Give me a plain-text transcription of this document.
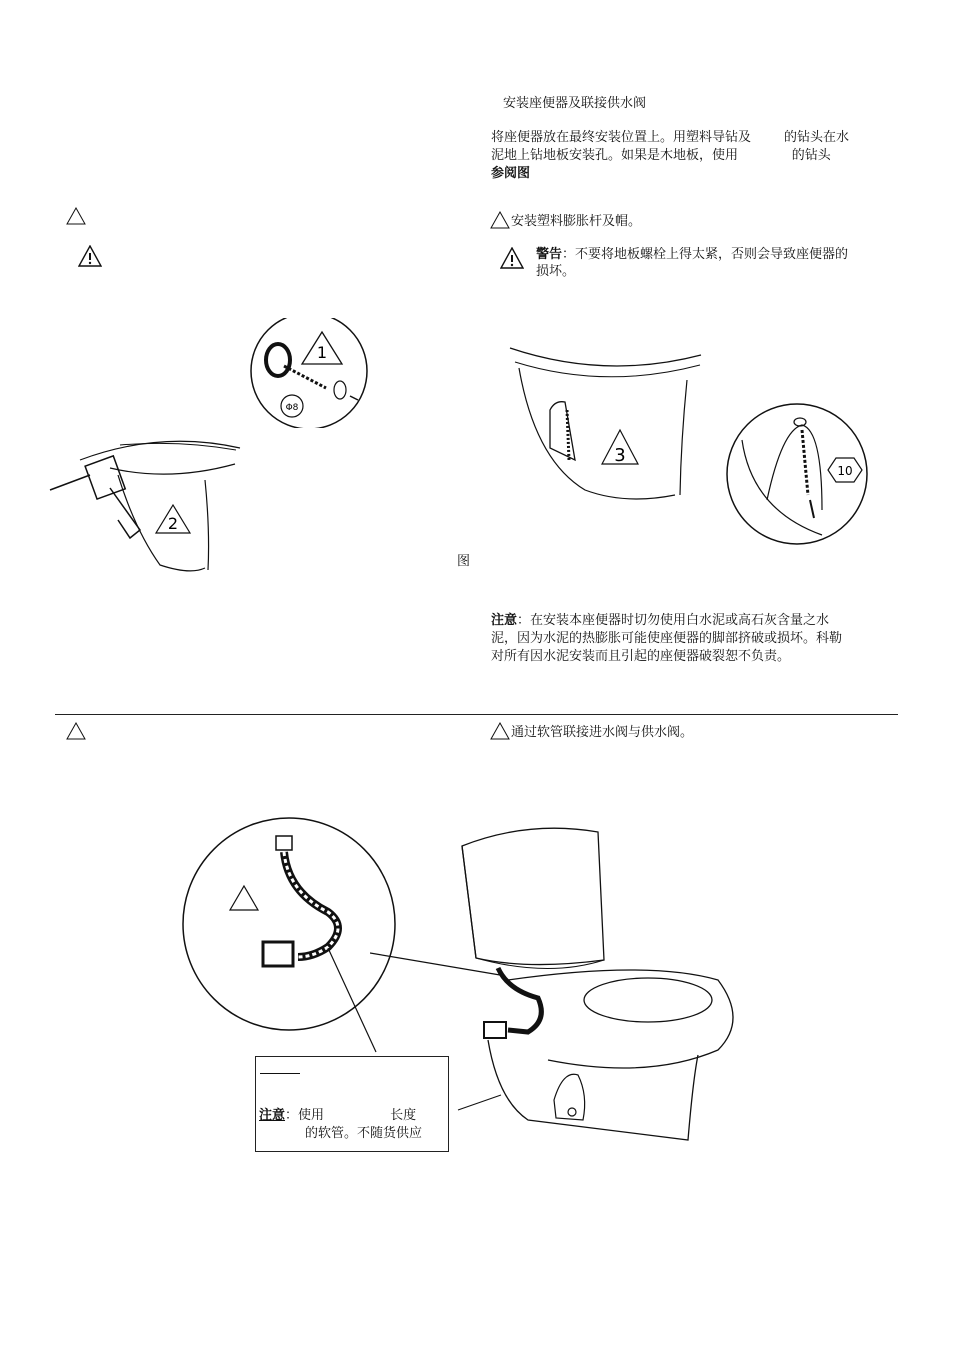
安装座便器及联接供水阀
将座便器放在最终安装位置上。用塑料导钻及        的钻头在水
泥地上钻地板安装孔。如果是木地板，使用             的钻头
参阅图
安装塑料膨胀杆及帽。
警告：不要将地板螺栓上得太紧，否则会导致座便器的
损坏。
1
Φ8
2
3
10
图
注意：在安装本座便器时切勿使用白水泥或高石灰含量之水
泥，因为水泥的热膨胀可能使座便器的脚部挤破或损坏。科勒
对所有因水泥安装而且引起的座便器破裂恕不负责。
通过软管联接进水阀与供水阀。
注意：使用                长度
的软管。不随货供应
